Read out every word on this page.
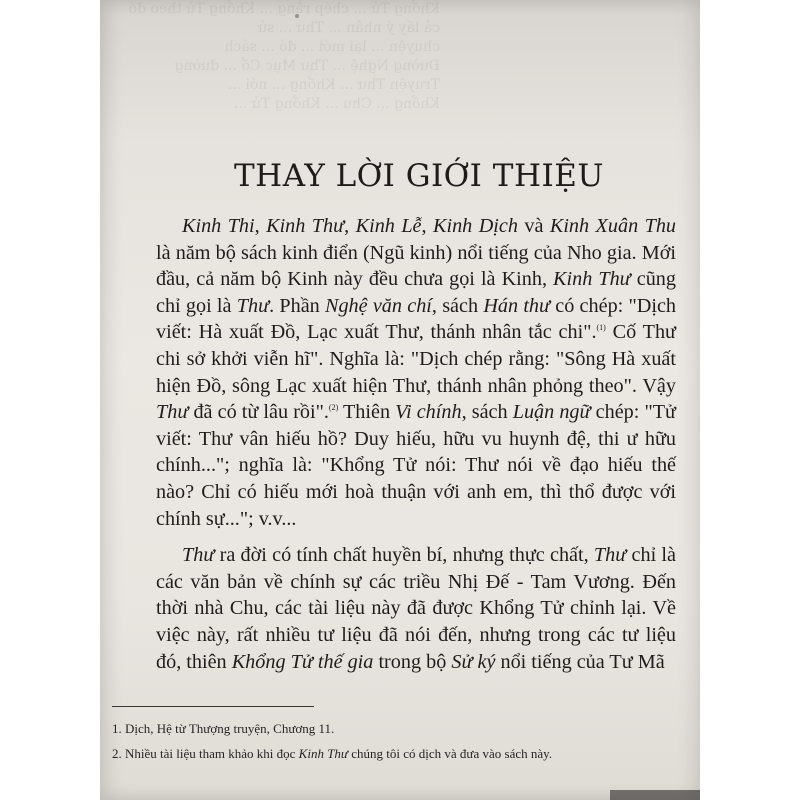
Khổng Tử ... chép rằng ... Khổng Tử theo đó
cả lấy ý nhân ... Thư ... sử
chuyện ... lại mới ... đó ... sách
Đường Nghệ ... Thư Mục Cổ ... đường
Truyện Thư ... Khổng ... nói ...
Khổng ... Chu ... Khổng Tử ...
THAY LỜI GIỚI THIỆU

Kinh Thi, Kinh Thư, Kinh Lễ, Kinh Dịch và Kinh Xuân Thu là năm bộ sách kinh điển (Ngũ kinh) nổi tiếng của Nho gia. Mới đầu, cả năm bộ Kinh này đều chưa gọi là Kinh, Kinh Thư cũng chỉ gọi là Thư. Phần Nghệ văn chí, sách Hán thư có chép: "Dịch viết: Hà xuất Đồ, Lạc xuất Thư, thánh nhân tắc chi".$^{(1)}$ Cố Thư chi sở khởi viễn hĩ". Nghĩa là: "Dịch chép rằng: "Sông Hà xuất hiện Đồ, sông Lạc xuất hiện Thư, thánh nhân phỏng theo". Vậy Thư đã có từ lâu rồi".$^{(2)}$ Thiên Vi chính, sách Luận ngữ chép: "Tử viết: Thư vân hiếu hồ? Duy hiếu, hữu vu huynh đệ, thi ư hữu chính..."; nghĩa là: "Khổng Tử nói: Thư nói về đạo hiếu thế nào? Chỉ có hiếu mới hoà thuận với anh em, thì thổ được với chính sự..."; v.v...

Thư ra đời có tính chất huyền bí, nhưng thực chất, Thư chỉ là các văn bản về chính sự các triều Nhị Đế - Tam Vương. Đến thời nhà Chu, các tài liệu này đã được Khổng Tử chỉnh lại. Về việc này, rất nhiều tư liệu đã nói đến, nhưng trong các tư liệu đó, thiên Khổng Tử thế gia trong bộ Sử ký nổi tiếng của Tư Mã

1. Dịch, Hệ từ Thượng truyện, Chương 11.
2. Nhiều tài liệu tham khảo khi đọc Kinh Thư chúng tôi có dịch và đưa vào sách này.
